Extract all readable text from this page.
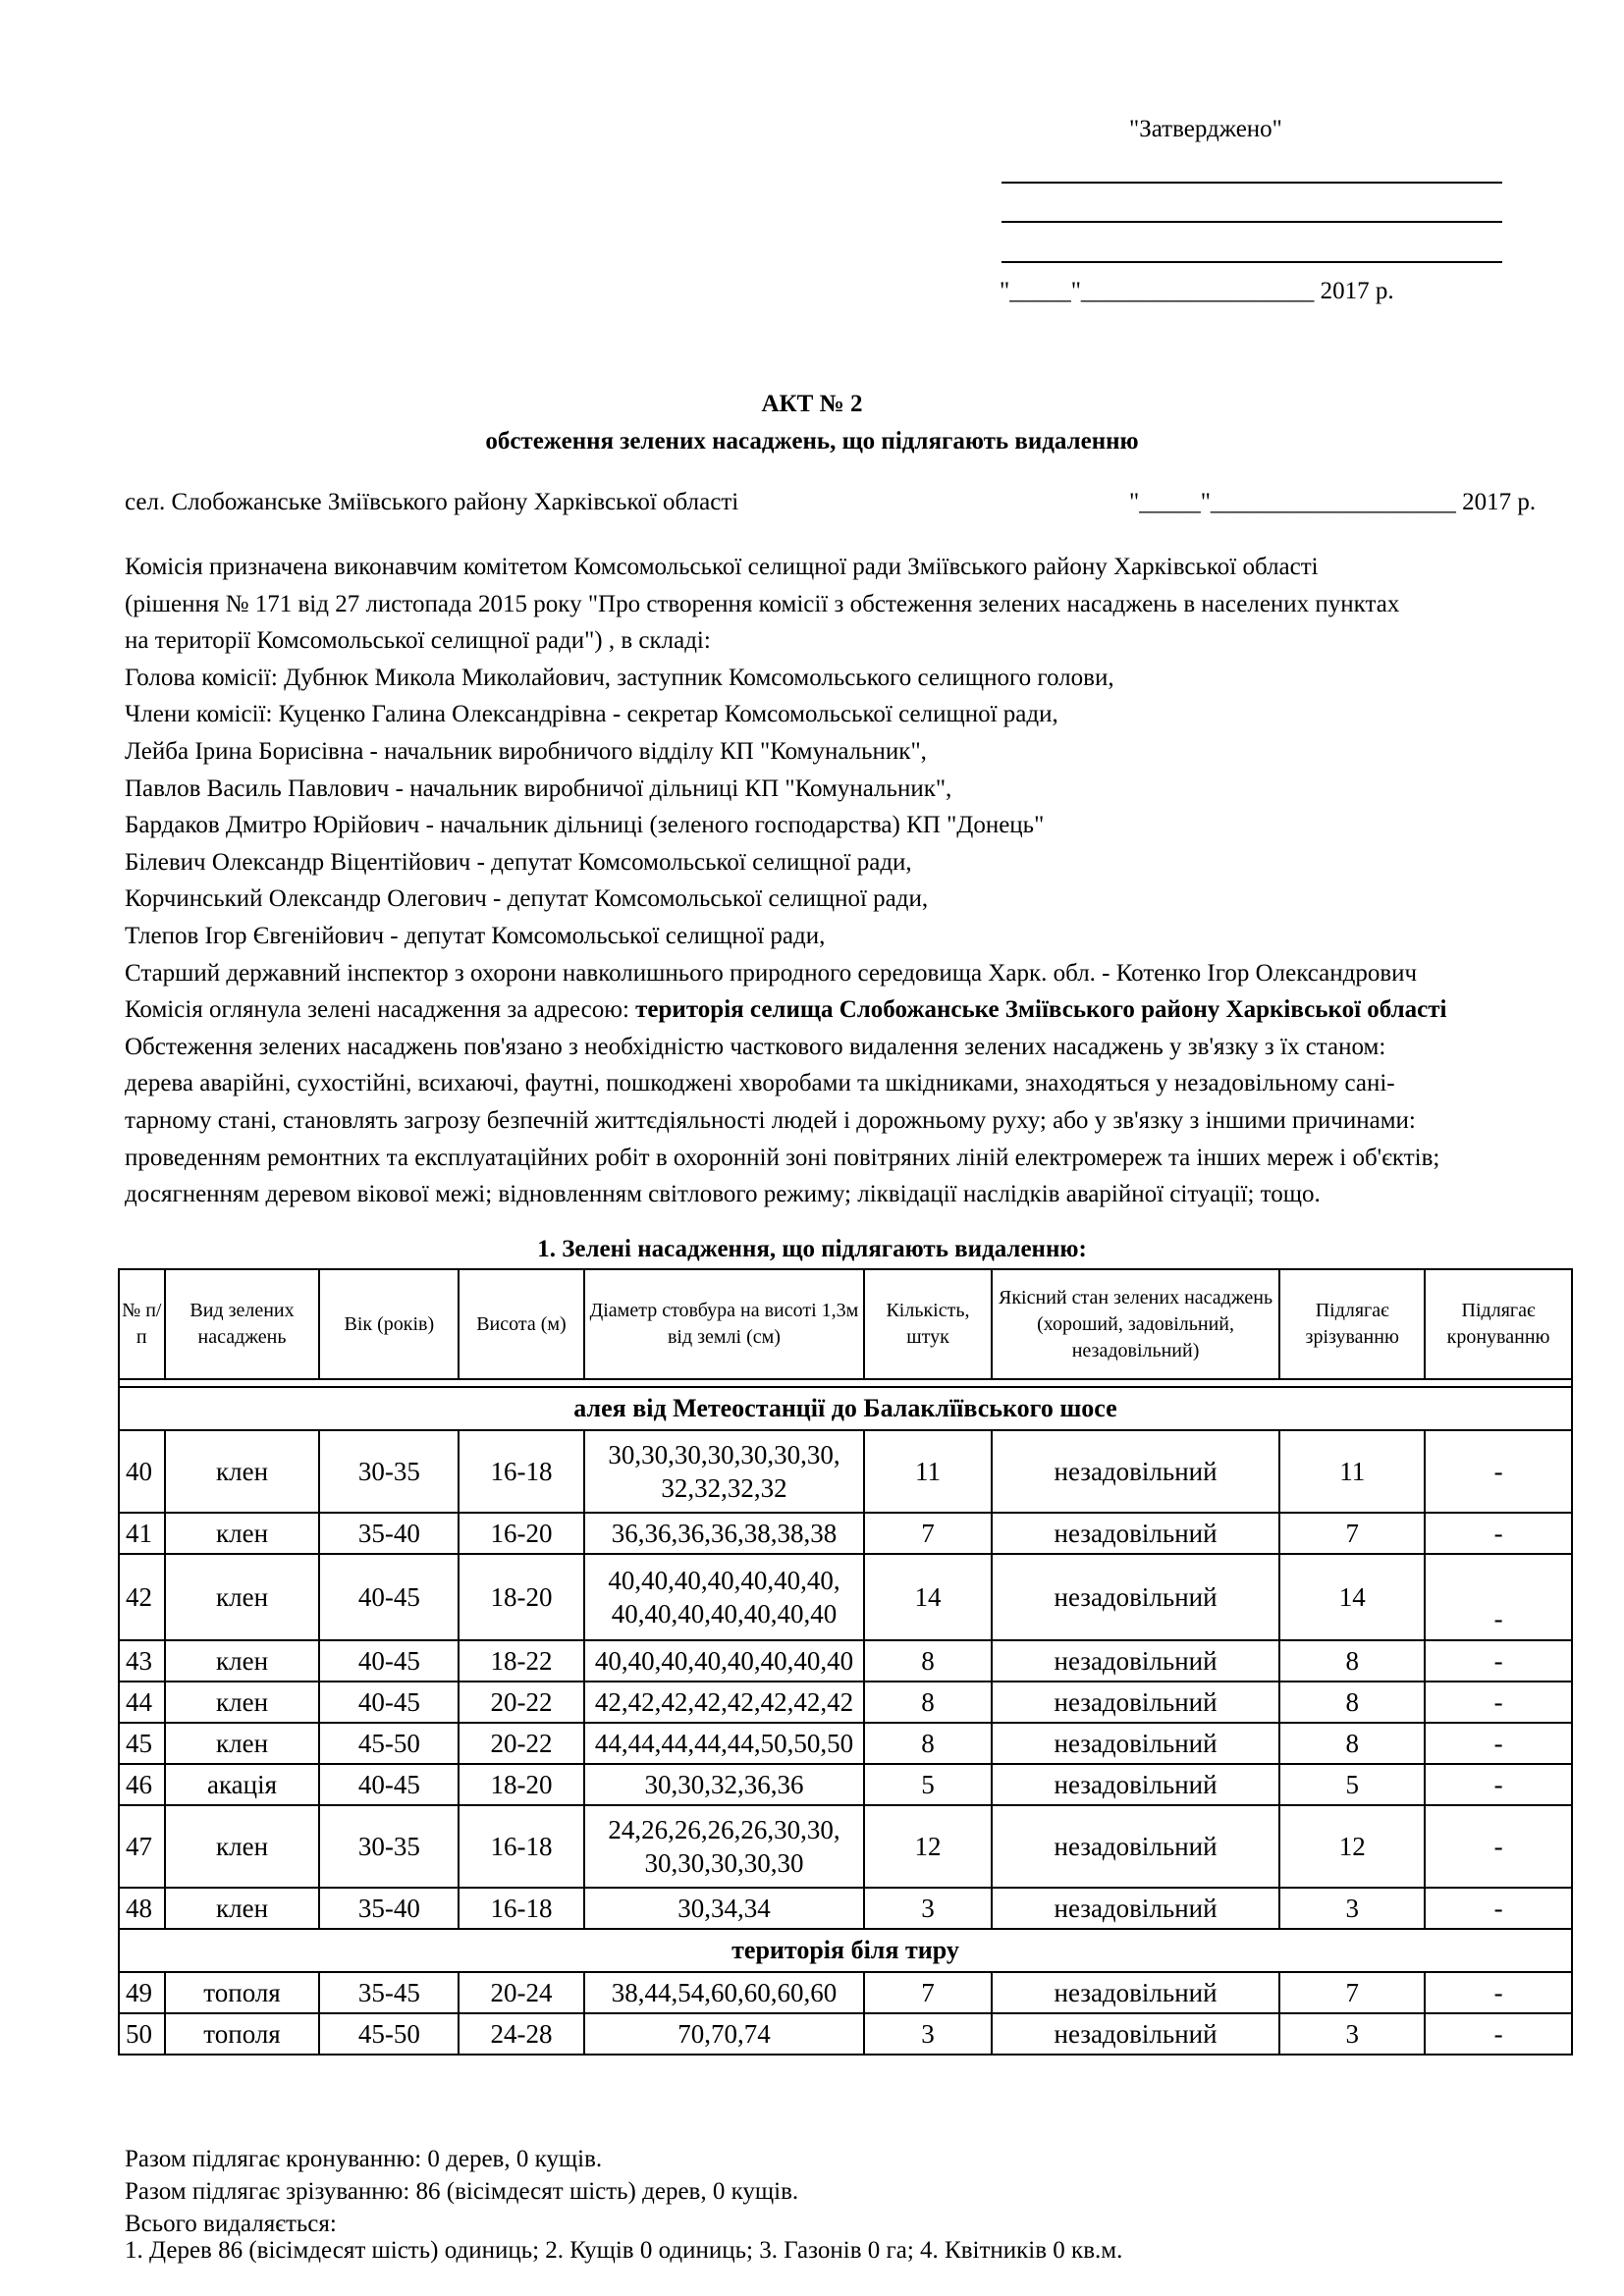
"Затверджено"
"_____"___________________ 2017 р.
АКТ № 2
обстеження зелених насаджень, що підлягають видаленню
сел. Слобожанське Зміївського району Харківської області	"_____"____________________ 2017 р.
Комісія призначена виконавчим комітетом Комсомольської селищної ради Зміївського району Харківської області
(рішення № 171 від 27 листопада 2015 року "Про створення комісії з обстеження зелених насаджень в населених пунктах
на території Комсомольської селищної ради") , в складі:
Голова комісії: Дубнюк Микола Миколайович, заступник Комсомольського селищного голови,
Члени комісії: Куценко Галина Олександрівна - секретар Комсомольської селищної ради,
Лейба Ірина Борисівна - начальник виробничого відділу КП "Комунальник",
Павлов Василь Павлович - начальник виробничої дільниці КП "Комунальник",
Бардаков Дмитро Юрійович - начальник дільниці (зеленого господарства) КП "Донець"
Білевич Олександр Віцентійович - депутат Комсомольської селищної ради,
Корчинський Олександр Олегович - депутат Комсомольської селищної ради,
Тлепов Ігор Євгенійович - депутат Комсомольської селищної ради,
Старший державний інспектор з охорони навколишнього природного середовища Харк. обл. - Котенко Ігор Олександрович
Комісія оглянула зелені насадження за адресою: територія селища Слобожанське Зміївського району Харківської області
Обстеження зелених насаджень пов'язано з необхідністю часткового видалення зелених насаджень у зв'язку з їх станом:
дерева аварійні, сухостійні, всихаючі, фаутні, пошкоджені хворобами та шкідниками, знаходяться у незадовільному сані-
тарному стані, становлять загрозу безпечній життєдіяльності людей і дорожньому руху; або у зв'язку з іншими причинами:
проведенням ремонтних та експлуатаційних робіт в охоронній зоні повітряних ліній електромереж та інших мереж і об'єктів;
досягненням деревом вікової межі; відновленням світлового режиму; ліквідації наслідків аварійної сітуації; тощо.
1. Зелені насадження, що підлягають видаленню:
№ п/п	Вид зелених насаджень	Вік (років)	Висота (м)	Діаметр стовбура на висоті 1,3м від землі (см)	Кількість, штук	Якісний стан зелених насаджень (хороший, задовільний, незадовільний)	Підлягає зрізуванню	Підлягає кронуванню

алея від Метеостанції до Балаклїївського шосе								
40	клен	30-35	16-18	30,30,30,30,30,30,30,
32,32,32,32	11	незадовільний	11	-
41	клен	35-40	16-20	36,36,36,36,38,38,38	7	незадовільний	7	-
42	клен	40-45	18-20	40,40,40,40,40,40,40,
40,40,40,40,40,40,40	14	незадовільний	14	-
43	клен	40-45	18-22	40,40,40,40,40,40,40,40	8	незадовільний	8	-
44	клен	40-45	20-22	42,42,42,42,42,42,42,42	8	незадовільний	8	-
45	клен	45-50	20-22	44,44,44,44,44,50,50,50	8	незадовільний	8	-
46	акація	40-45	18-20	30,30,32,36,36	5	незадовільний	5	-
47	клен	30-35	16-18	24,26,26,26,26,30,30,
30,30,30,30,30	12	незадовільний	12	-
48	клен	35-40	16-18	30,34,34	3	незадовільний	3	-
територія біля тиру								
49	тополя	35-45	20-24	38,44,54,60,60,60,60	7	незадовільний	7	-
50	тополя	45-50	24-28	70,70,74	3	незадовільний	3	-
Разом підлягає кронуванню: 0 дерев, 0 кущів.
Разом підлягає зрізуванню: 86 (вісімдесят шість) дерев, 0 кущів.
Всього видаляється:
1. Дерев 86 (вісімдесят шість) одиниць; 2. Кущів 0 одиниць; 3. Газонів 0 га; 4. Квітників 0 кв.м.
